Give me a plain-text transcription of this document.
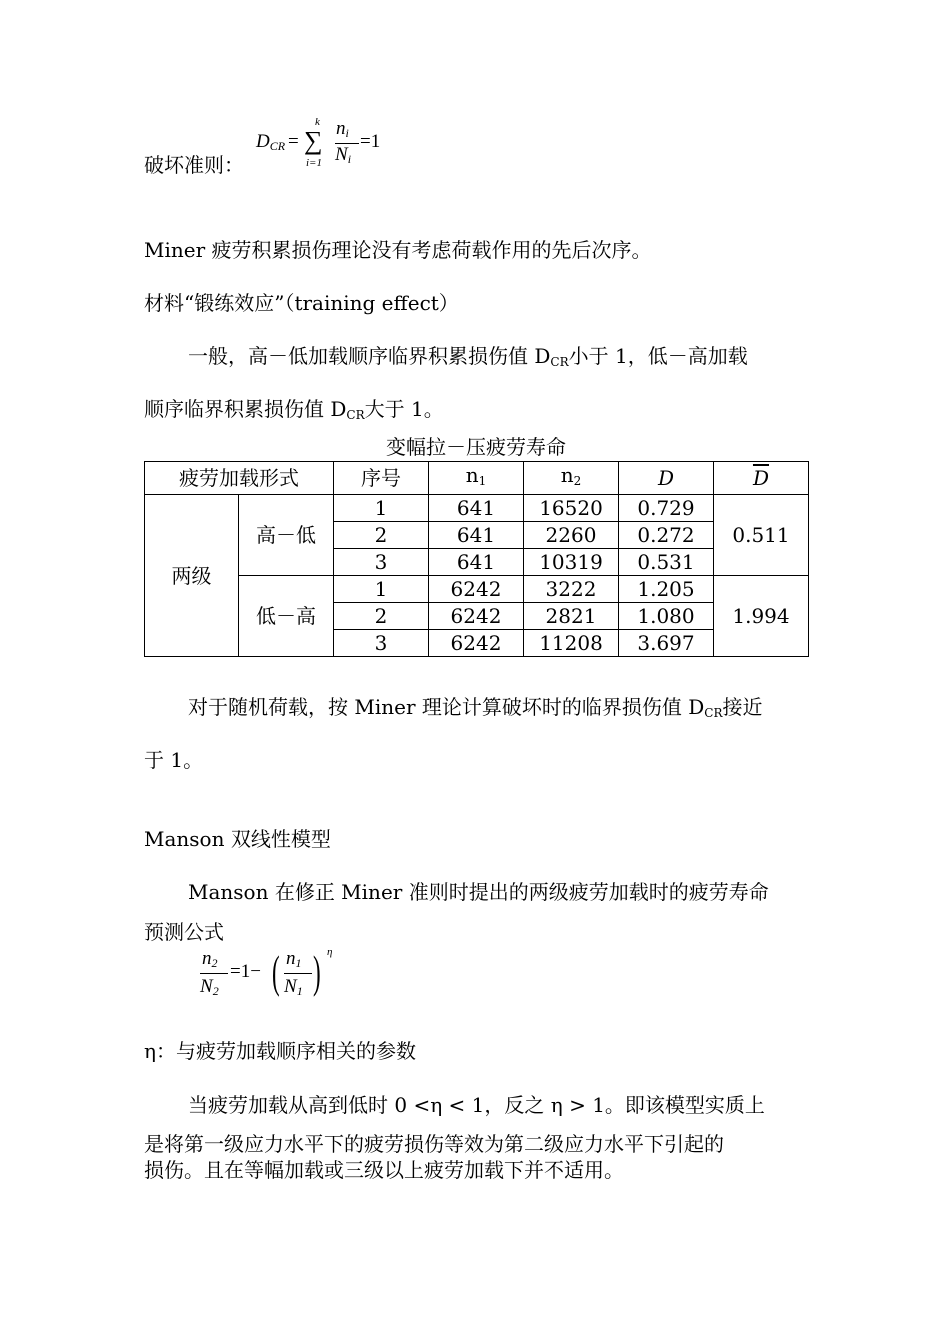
破坏准则：
$D_{CR}$ =
k
∑
i=1
$n_i$
$N_i$
=1
Miner 疲劳积累损伤理论没有考虑荷载作用的先后次序。
材料“锻练效应”（training effect）
一般，高－低加载顺序临界积累损伤值 $D_{CR}$小于 1，低－高加载
顺序临界积累损伤值 $D_{CR}$大于 1。
变幅拉－压疲劳寿命
疲劳加载形式		序号	$n_1$	$n_2$	D	$\overline{D}$
两级	高－低	1	641	16520	0.729	0.511
		2	641	2260	0.272	
		3	641	10319	0.531	
	低－高	1	6242	3222	1.205	1.994
		2	6242	2821	1.080	
		3	6242	11208	3.697	
对于随机荷载，按 Miner 理论计算破坏时的临界损伤值 $D_{CR}$接近
于 1。
Manson 双线性模型
Manson 在修正 Miner 准则时提出的两级疲劳加载时的疲劳寿命
预测公式
$n_2$
$N_2$
=1− ( $n_1$
$N_1$ ) η
η：与疲劳加载顺序相关的参数
当疲劳加载从高到低时 0 <η < 1，反之 η > 1。即该模型实质上
是将第一级应力水平下的疲劳损伤等效为第二级应力水平下引起的
损伤。且在等幅加载或三级以上疲劳加载下并不适用。
